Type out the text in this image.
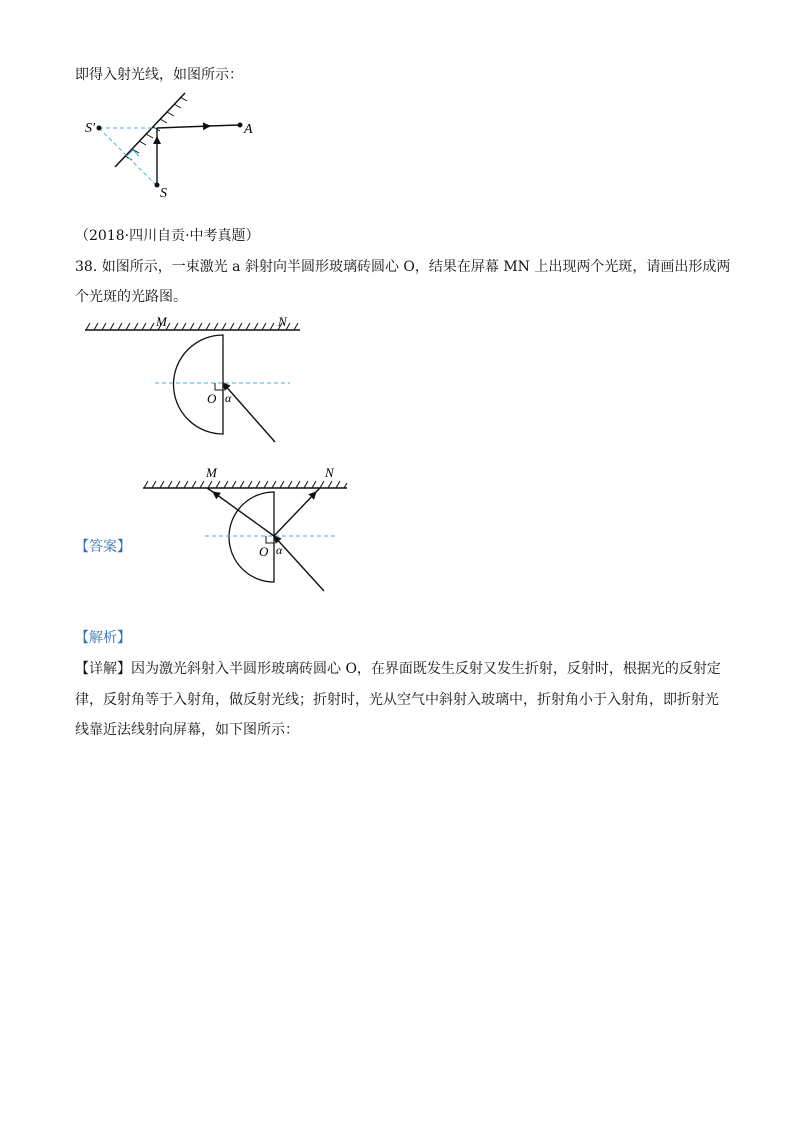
即得入射光线，如图所示：
S′	A
S
（2018·四川自贡·中考真题）
38. 如图所示，一束激光 a 斜射向半圆形玻璃砖圆心 O，结果在屏幕 MN 上出现两个光斑，请画出形成两
个光斑的光路图。
M	N
O α
【答案】
M	N
O α
【解析】
【详解】因为激光斜射入半圆形玻璃砖圆心 O，在界面既发生反射又发生折射，反射时，根据光的反射定
律，反射角等于入射角，做反射光线；折射时，光从空气中斜射入玻璃中，折射角小于入射角，即折射光
线靠近法线射向屏幕，如下图所示：
